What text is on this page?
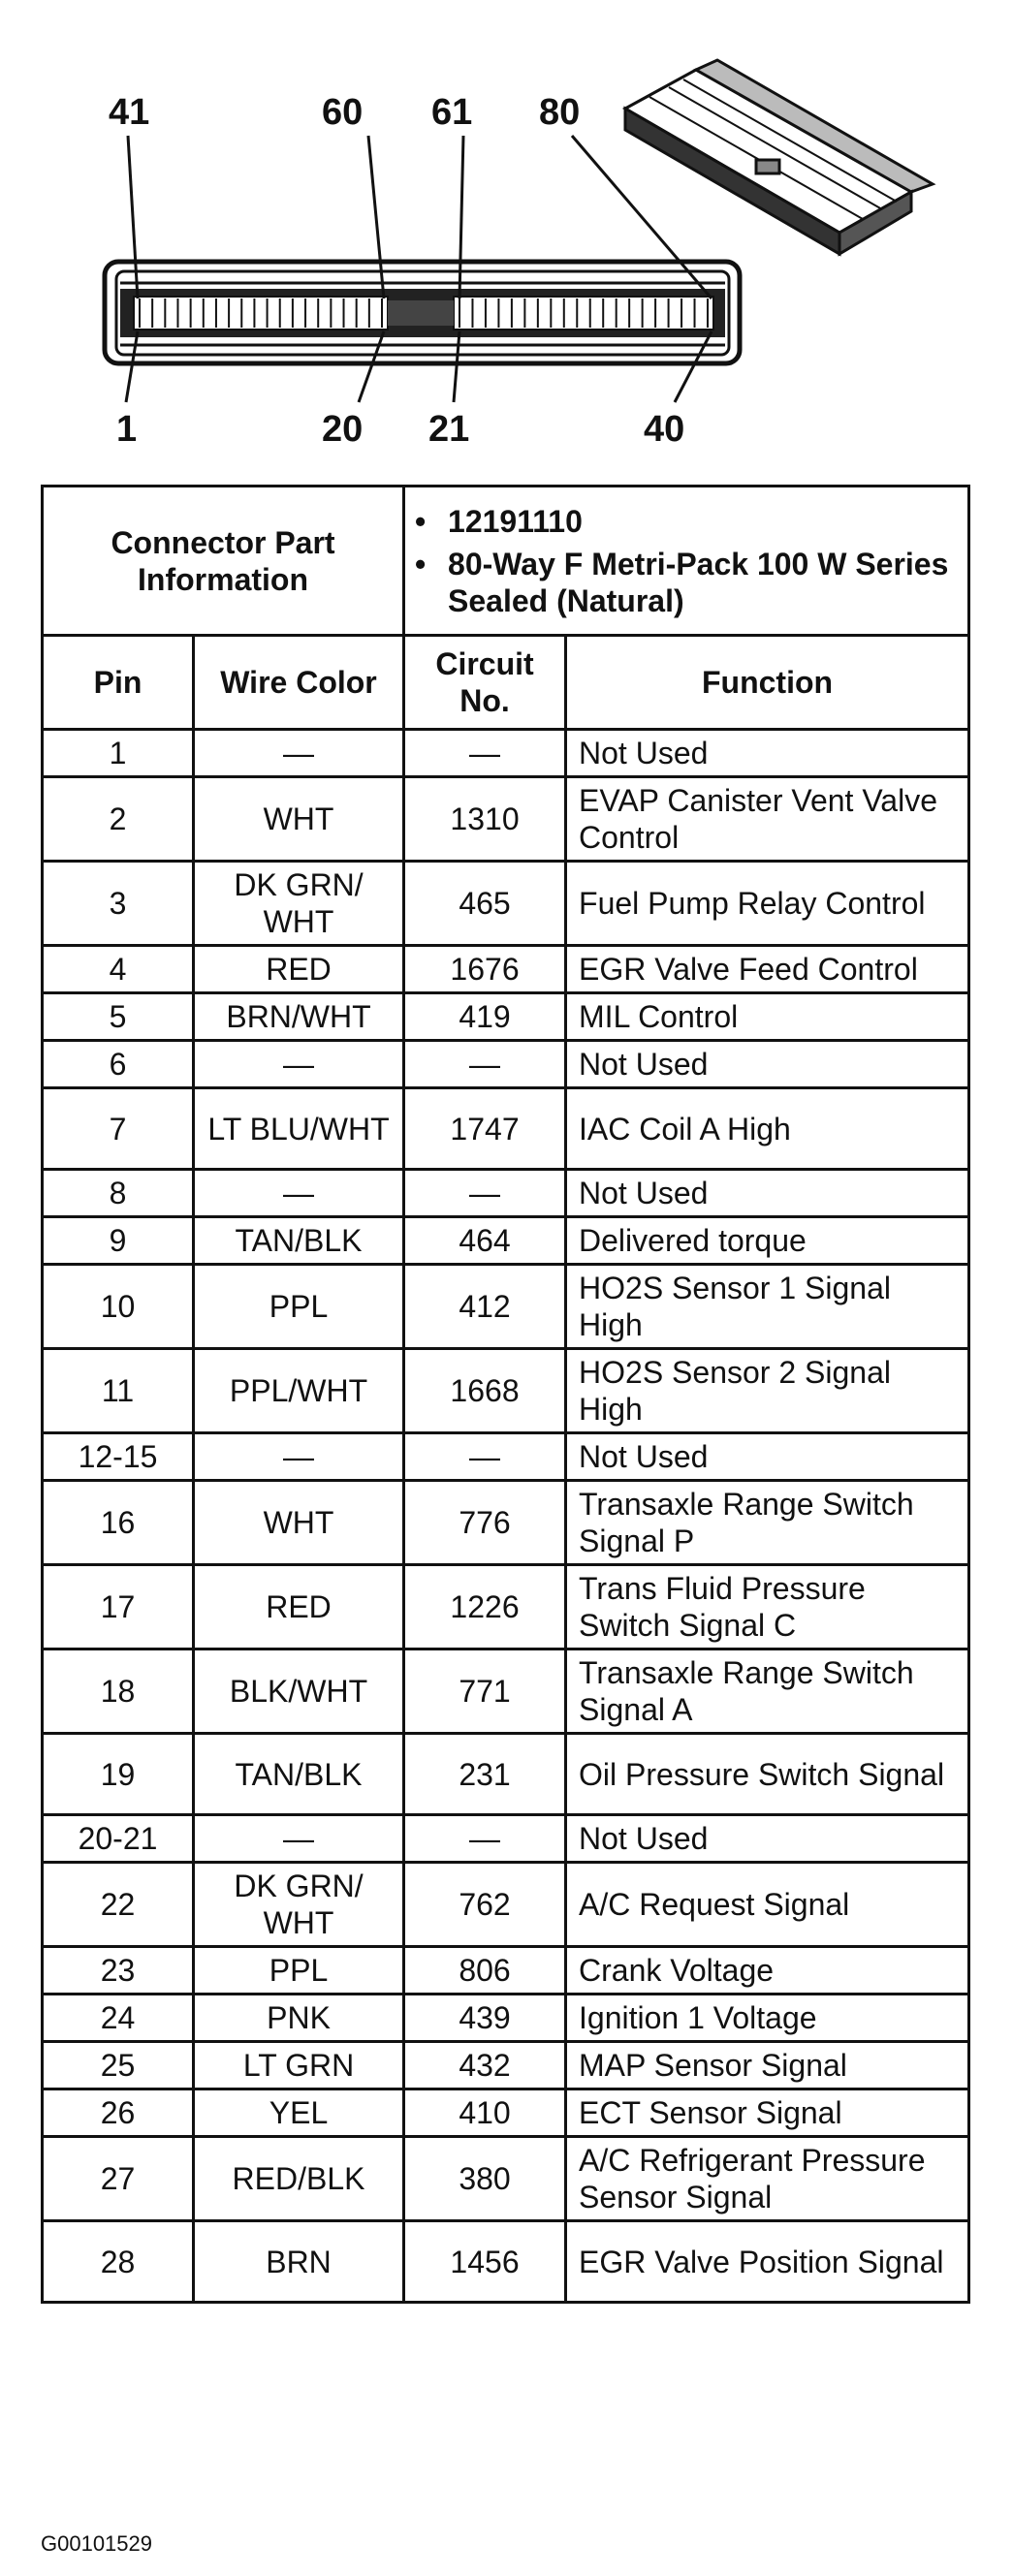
41	60 61 80
1	20 21	40
Connector Part Information		• 12191110
• 80-Way F Metri-Pack 100 W Series Sealed (Natural)	

Pin	Wire Color	Circuit No.	Function
1	—	—	Not Used
2	WHT	1310	EVAP Canister Vent Valve Control
3	DK GRN/ WHT	465	Fuel Pump Relay Control
4	RED	1676	EGR Valve Feed Control
5	BRN/WHT	419	MIL Control
6	—	—	Not Used
7	LT BLU/WHT	1747	IAC Coil A High
8	—	—	Not Used
9	TAN/BLK	464	Delivered torque
10	PPL	412	HO2S Sensor 1 Signal High
11	PPL/WHT	1668	HO2S Sensor 2 Signal High
12-15	—	—	Not Used
16	WHT	776	Transaxle Range Switch Signal P
17	RED	1226	Trans Fluid Pressure Switch Signal C
18	BLK/WHT	771	Transaxle Range Switch Signal A
19	TAN/BLK	231	Oil Pressure Switch Signal
20-21	—	—	Not Used
22	DK GRN/ WHT	762	A/C Request Signal
23	PPL	806	Crank Voltage
24	PNK	439	Ignition 1 Voltage
25	LT GRN	432	MAP Sensor Signal
26	YEL	410	ECT Sensor Signal
27	RED/BLK	380	A/C Refrigerant Pressure Sensor Signal
28	BRN	1456	EGR Valve Position Signal
G00101529
